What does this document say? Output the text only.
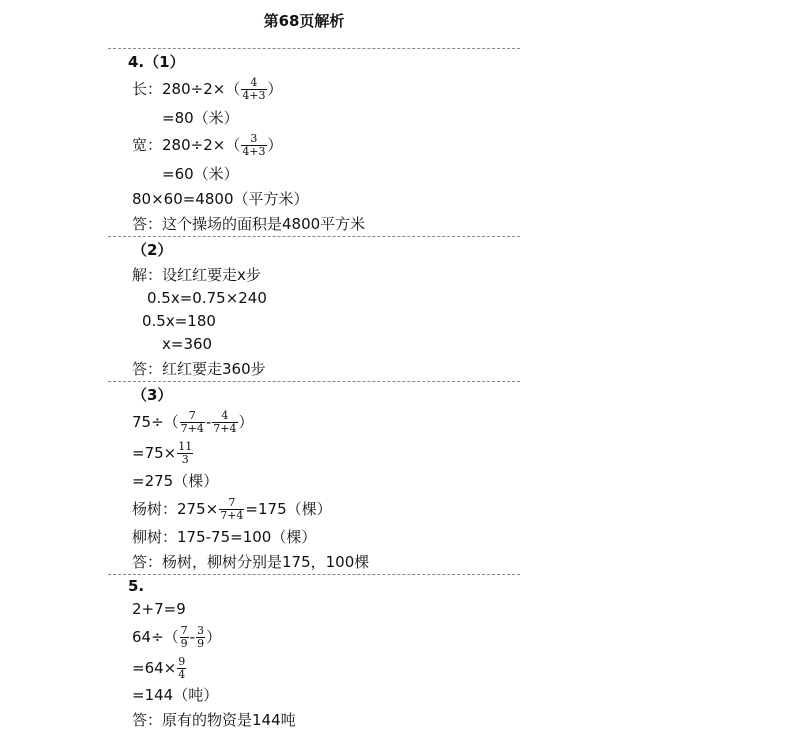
第68页解析
4.（1）
长：$280\div 2\times( \frac{4}{4+3}$ ）
=80（米）
宽：$280\div 2\times( \frac{3}{4+3}$ ）
=60（米）
80×60=4800（平方米）
答：这个操场的面积是4800平方米
（2）
解：设红红要走x步
0.5x=0.75×240
0.5x=180
x=360
答：红红要走360步
（3）
$75\div( \frac{7}{7+4} - \frac{4}{7+4}$ ）
$=75\times \frac{11}{3}$
=275（棵）
杨树：$275\times \frac{7}{7+4} =175$（棵）
柳树：175-75=100（棵）
答：杨树，柳树分别是175，100棵
5.
2+7=9
$64\div( \frac{7}{9} - \frac{3}{9}$ ）
$=64\times \frac{9}{4}$
=144（吨）
答：原有的物资是144吨
